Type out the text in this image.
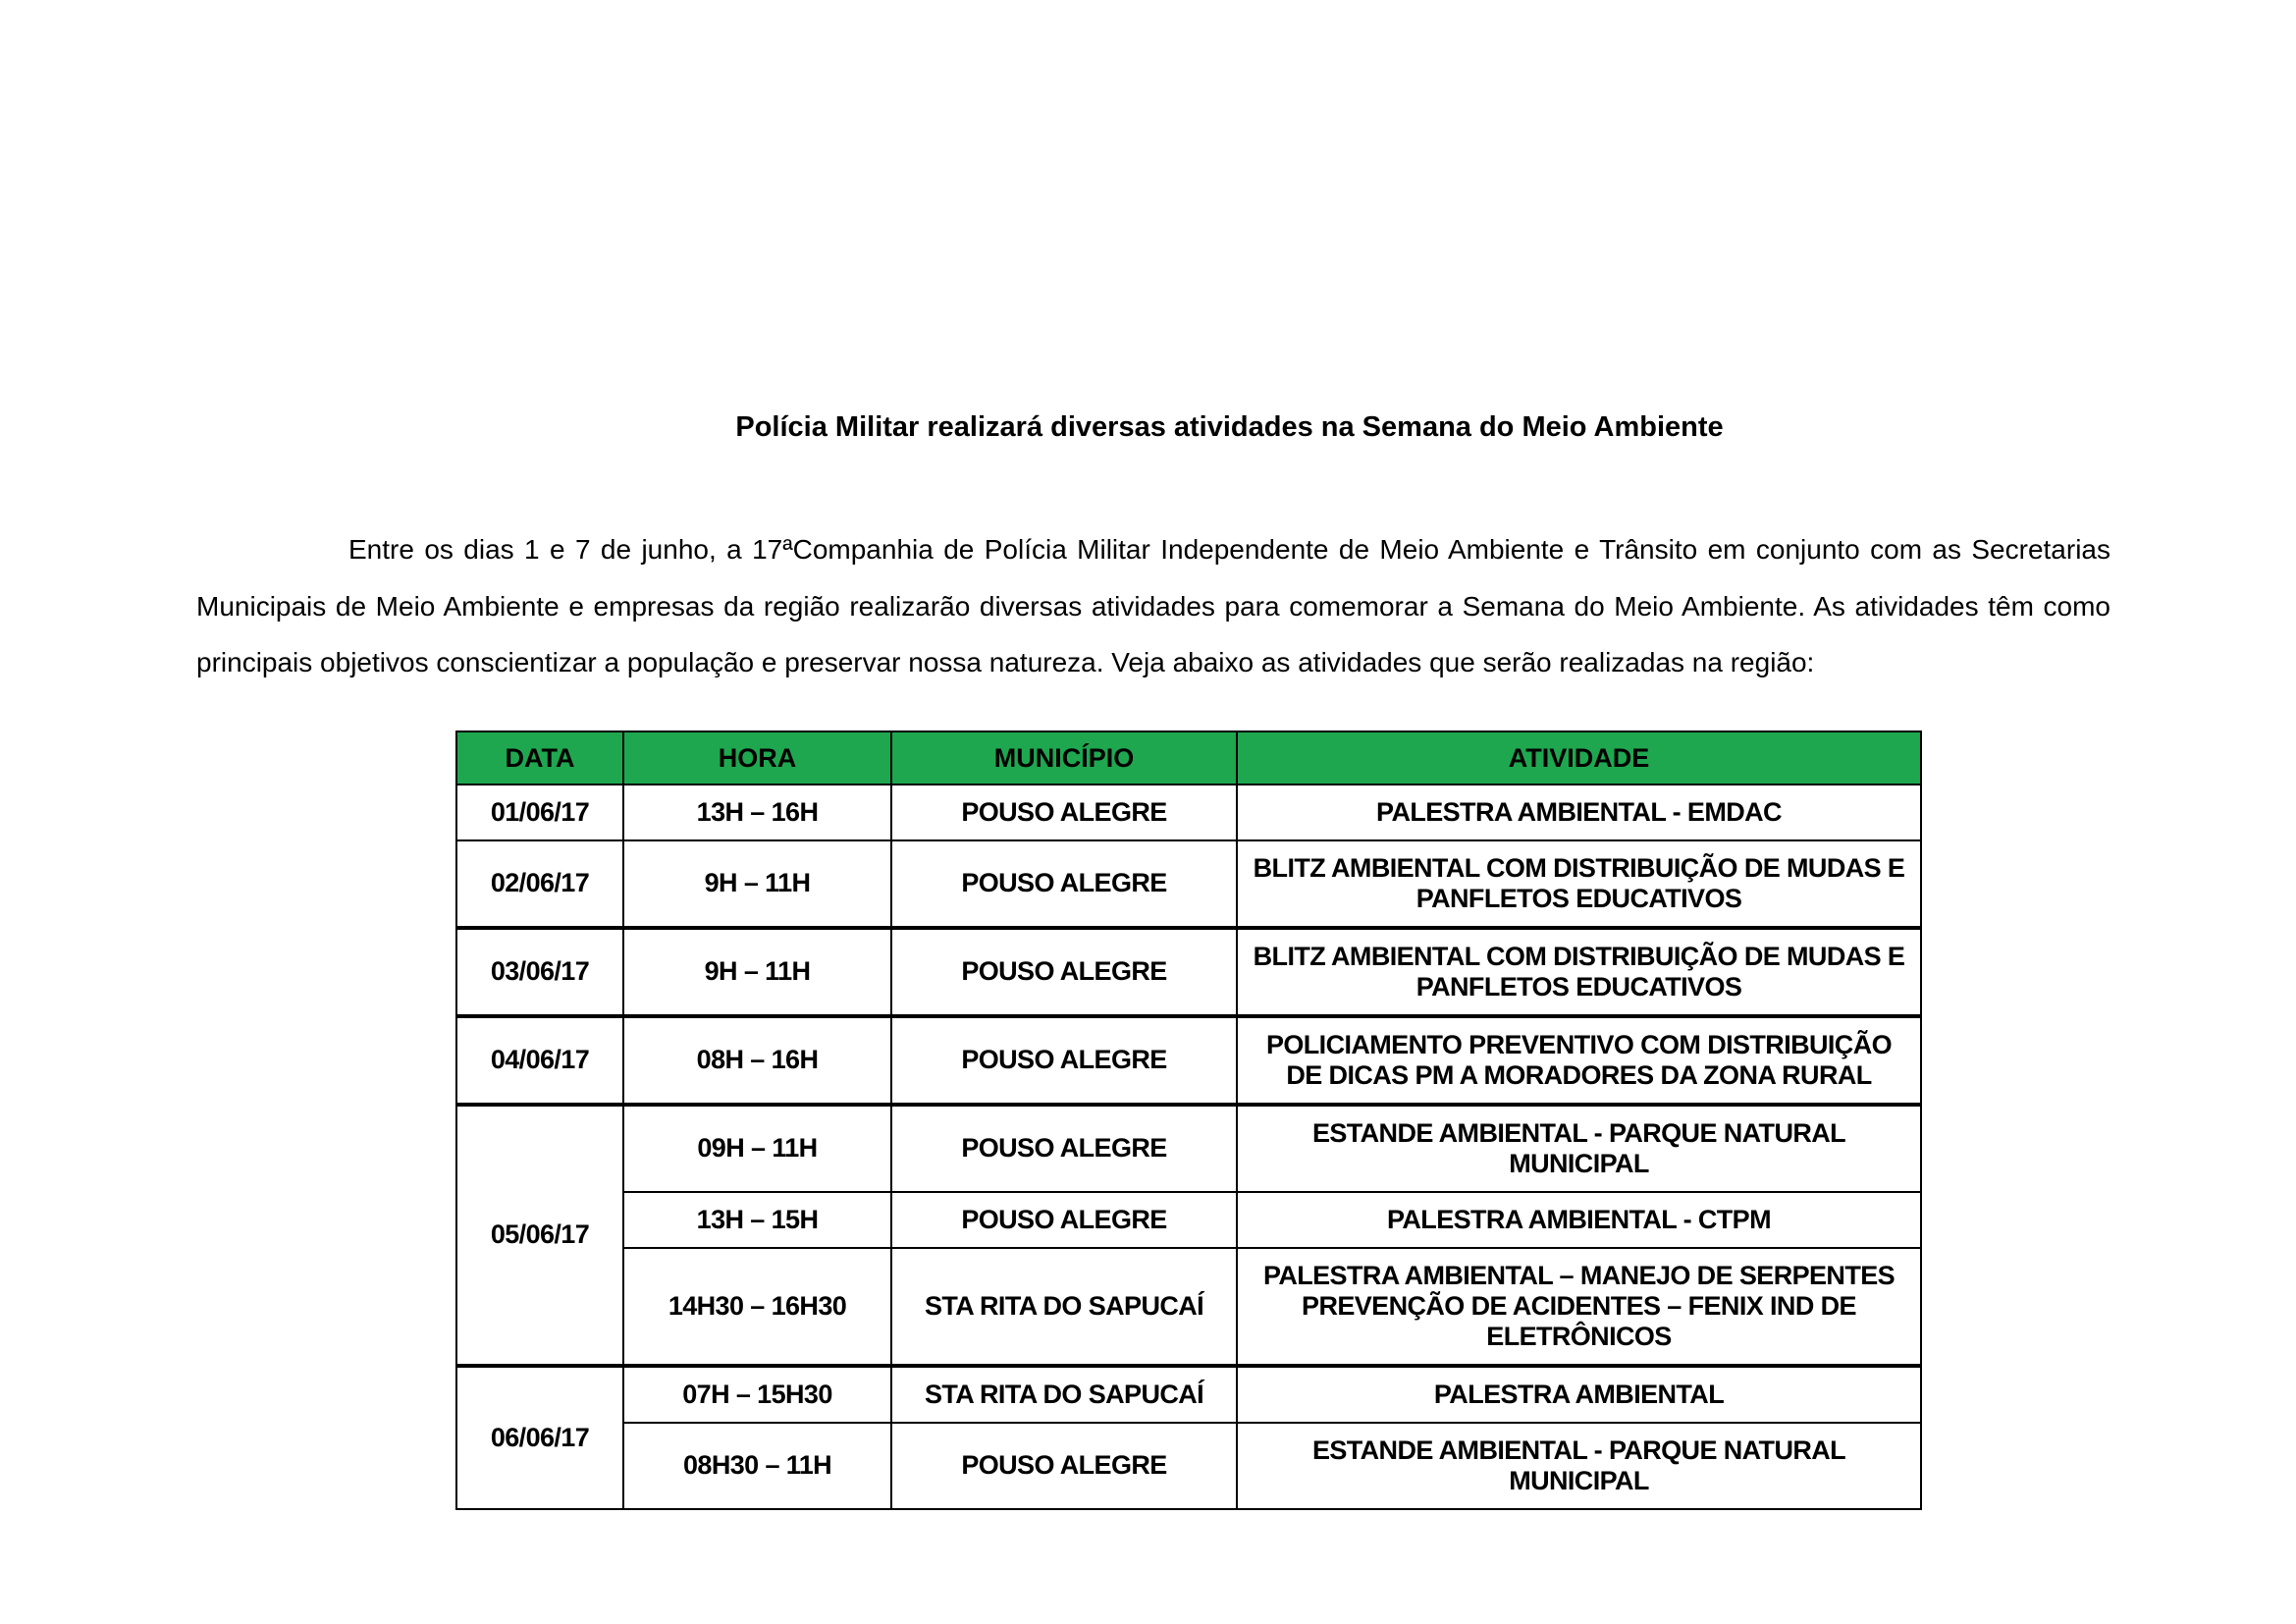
Polícia Militar realizará diversas atividades na Semana do Meio Ambiente

Entre os dias 1 e 7 de junho, a 17ªCompanhia de Polícia Militar Independente de Meio Ambiente e Trânsito em conjunto com as Secretarias Municipais de Meio Ambiente e empresas da região realizarão diversas atividades para comemorar a Semana do Meio Ambiente. As atividades têm como principais objetivos conscientizar a população e preservar nossa natureza. Veja abaixo as atividades que serão realizadas na região:

DATA	HORA	MUNICÍPIO	ATIVIDADE
01/06/17	13H – 16H	POUSO ALEGRE	PALESTRA AMBIENTAL - EMDAC
02/06/17	9H – 11H	POUSO ALEGRE	BLITZ AMBIENTAL COM DISTRIBUIÇÃO DE MUDAS E PANFLETOS EDUCATIVOS
03/06/17	9H – 11H	POUSO ALEGRE	BLITZ AMBIENTAL COM DISTRIBUIÇÃO DE MUDAS E PANFLETOS EDUCATIVOS
04/06/17	08H – 16H	POUSO ALEGRE	POLICIAMENTO PREVENTIVO COM DISTRIBUIÇÃO DE DICAS PM A MORADORES DA ZONA RURAL
05/06/17	09H – 11H	POUSO ALEGRE	ESTANDE AMBIENTAL - PARQUE NATURAL MUNICIPAL
	13H – 15H	POUSO ALEGRE	PALESTRA AMBIENTAL - CTPM
	14H30 – 16H30	STA RITA DO SAPUCAÍ	PALESTRA AMBIENTAL – MANEJO DE SERPENTES PREVENÇÃO DE ACIDENTES – FENIX IND DE ELETRÔNICOS
06/06/17	07H – 15H30	STA RITA DO SAPUCAÍ	PALESTRA AMBIENTAL
	08H30 – 11H	POUSO ALEGRE	ESTANDE AMBIENTAL - PARQUE NATURAL MUNICIPAL
